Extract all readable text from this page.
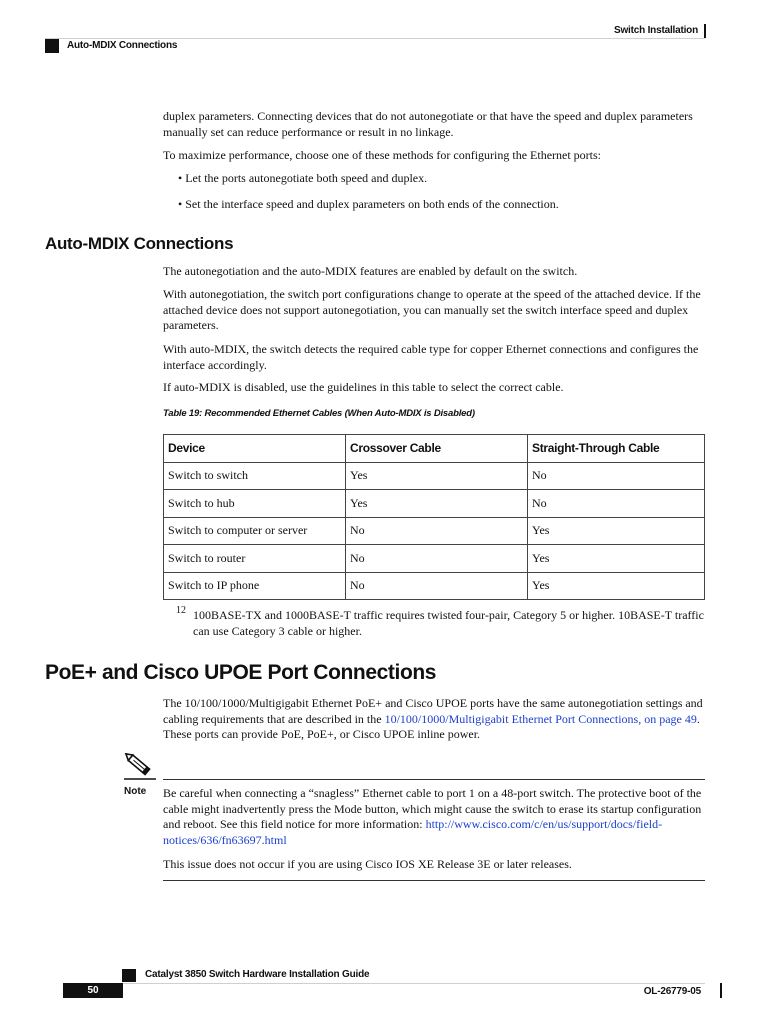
Switch Installation
Auto-MDIX Connections

duplex parameters. Connecting devices that do not autonegotiate or that have the speed and duplex parameters manually set can reduce performance or result in no linkage.

To maximize performance, choose one of these methods for configuring the Ethernet ports:

• Let the ports autonegotiate both speed and duplex.
• Set the interface speed and duplex parameters on both ends of the connection.
Auto-MDIX Connections

The autonegotiation and the auto-MDIX features are enabled by default on the switch.

With autonegotiation, the switch port configurations change to operate at the speed of the attached device. If the attached device does not support autonegotiation, you can manually set the switch interface speed and duplex parameters.

With auto-MDIX, the switch detects the required cable type for copper Ethernet connections and configures the interface accordingly.

If auto-MDIX is disabled, use the guidelines in this table to select the correct cable.

Table 19: Recommended Ethernet Cables (When Auto-MDIX is Disabled)
Device	Crossover Cable	Straight-Through Cable
Switch to switch	Yes	No
Switch to hub	Yes	No
Switch to computer or server	No	Yes
Switch to router	No	Yes
Switch to IP phone	No	Yes
12 100BASE-TX and 1000BASE-T traffic requires twisted four-pair, Category 5 or higher. 10BASE-T traffic can use Category 3 cable or higher.
PoE+ and Cisco UPOE Port Connections

The 10/100/1000/Multigigabit Ethernet PoE+ and Cisco UPOE ports have the same autonegotiation settings and cabling requirements that are described in the 10/100/1000/Multigigabit Ethernet Port Connections, on page 49. These ports can provide PoE, PoE+, or Cisco UPOE inline power.

Note Be careful when connecting a “snagless” Ethernet cable to port 1 on a 48-port switch. The protective boot of the cable might inadvertently press the Mode button, which might cause the switch to erase its startup configuration and reboot. See this field notice for more information: http://www.cisco.com/c/en/us/support/docs/field-notices/636/fn63697.html

This issue does not occur if you are using Cisco IOS XE Release 3E or later releases.

Catalyst 3850 Switch Hardware Installation Guide
50	OL-26779-05
